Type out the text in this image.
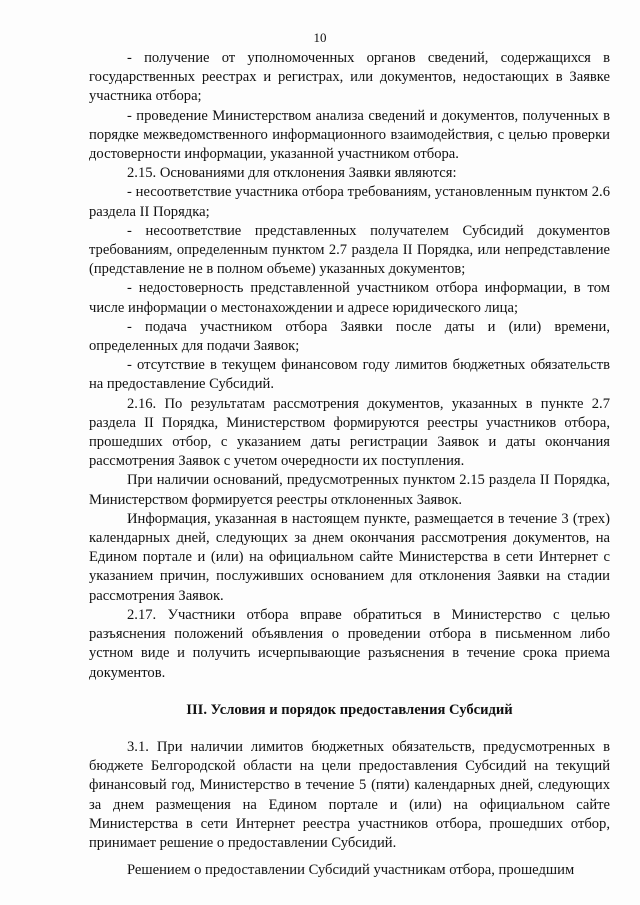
10

- получение от уполномоченных органов сведений, содержащихся в государственных реестрах и регистрах, или документов, недостающих в Заявке участника отбора;

- проведение Министерством анализа сведений и документов, полученных в порядке межведомственного информационного взаимодействия, с целью проверки достоверности информации, указанной участником отбора.

2.15. Основаниями для отклонения Заявки являются:

- несоответствие участника отбора требованиям, установленным пунктом 2.6 раздела II Порядка;

- несоответствие представленных получателем Субсидий документов требованиям, определенным пунктом 2.7 раздела II Порядка, или непредставление (представление не в полном объеме) указанных документов;

- недостоверность представленной участником отбора информации, в том числе информации о местонахождении и адресе юридического лица;

- подача участником отбора Заявки после даты и (или) времени, определенных для подачи Заявок;

- отсутствие в текущем финансовом году лимитов бюджетных обязательств на предоставление Субсидий.

2.16. По результатам рассмотрения документов, указанных в пункте 2.7 раздела II Порядка, Министерством формируются реестры участников отбора, прошедших отбор, с указанием даты регистрации Заявок и даты окончания рассмотрения Заявок с учетом очередности их поступления.

При наличии оснований, предусмотренных пунктом 2.15 раздела II Порядка, Министерством формируется реестры отклоненных Заявок.

Информация, указанная в настоящем пункте, размещается в течение 3 (трех) календарных дней, следующих за днем окончания рассмотрения документов, на Едином портале и (или) на официальном сайте Министерства в сети Интернет с указанием причин, послуживших основанием для отклонения Заявки на стадии рассмотрения Заявок.

2.17. Участники отбора вправе обратиться в Министерство с целью разъяснения положений объявления о проведении отбора в письменном либо устном виде и получить исчерпывающие разъяснения в течение срока приема документов.

III. Условия и порядок предоставления Субсидий

3.1. При наличии лимитов бюджетных обязательств, предусмотренных в бюджете Белгородской области на цели предоставления Субсидий на текущий финансовый год, Министерство в течение 5 (пяти) календарных дней, следующих за днем размещения на Едином портале и (или) на официальном сайте Министерства в сети Интернет реестра участников отбора, прошедших отбор, принимает решение о предоставлении Субсидий.

Решением о предоставлении Субсидий участникам отбора, прошедшим
